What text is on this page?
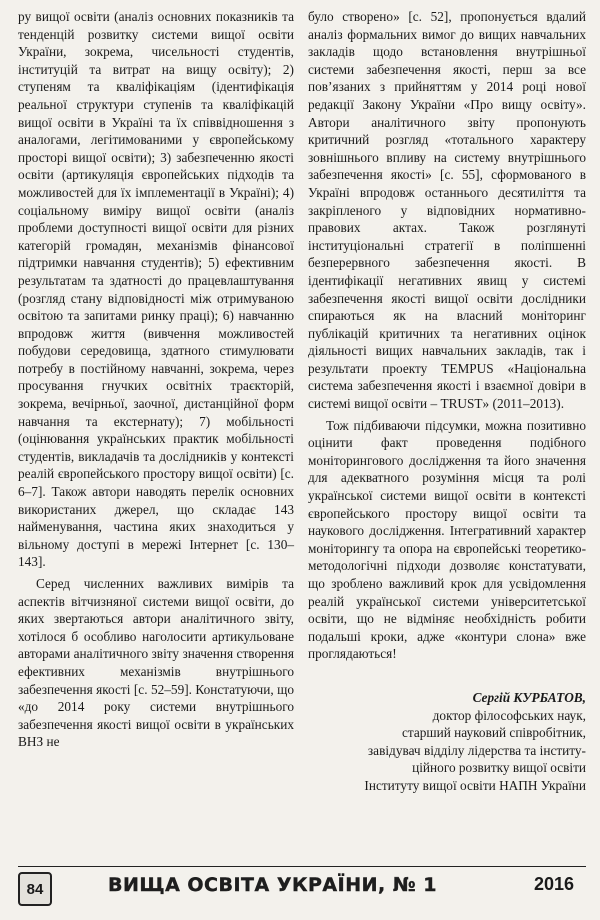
ру вищої освіти (аналіз основних показників та тенденцій розвитку системи вищої освіти України, зокрема, чисельності студентів, інституцій та витрат на вищу освіту); 2) ступеням та кваліфікаціям (ідентифікація реальної структури ступенів та кваліфікацій вищої освіти в Україні та їх співвідношення з аналогами, легітимованими у європейському просторі вищої освіти); 3) забезпеченню якості освіти (артикуляція європейських підходів та можливостей для їх імплементації в Україні); 4) соціальному виміру вищої освіти (аналіз проблеми доступності вищої освіти для різних категорій громадян, механізмів фінансової підтримки навчання студентів); 5) ефективним результатам та здатності до працевлаштування (розгляд стану відповідності між отримуваною освітою та запитами ринку праці); 6) навчанню впродовж життя (вивчення можливостей побудови середовища, здатного стимулювати потребу в постійному навчанні, зокрема, через просування гнучких освітніх траєкторій, зокрема, вечірньої, заочної, дистанційної форм навчання та екстернату); 7) мобільності (оцінювання українських практик мобільності студентів, викладачів та дослідників у контексті реалій європейського простору вищої освіти) [с. 6–7]. Також автори наводять перелік основних використаних джерел, що складає 143 найменування, частина яких знаходиться у вільному доступі в мережі Інтернет [с. 130–143].

Серед численних важливих вимірів та аспектів вітчизняної системи вищої освіти, до яких звертаються автори аналітичного звіту, хотілося б особливо наголосити артикульоване авторами аналітичного звіту значення створення ефективних механізмів внутрішнього забезпечення якості [с. 52–59]. Констатуючи, що «до 2014 року системи внутрішнього забезпечення якості вищої освіти в українських ВНЗ не

було створено» [с. 52], пропонується вдалий аналіз формальних вимог до вищих навчальних закладів щодо встановлення внутрішньої системи забезпечення якості, перш за все пов’язаних з прийняттям у 2014 році нової редакції Закону України «Про вищу освіту». Автори аналітичного звіту пропонують критичний розгляд «тотального характеру зовнішнього впливу на систему внутрішнього забезпечення якості» [с. 55], сформованого в Україні впродовж останнього десятиліття та закріпленого у відповідних нормативно-правових актах. Також розглянуті інституціональні стратегії в поліпшенні безперервного забезпечення якості. В ідентифікації негативних явищ у системі забезпечення якості вищої освіти дослідники спираються як на власний моніторинг публікацій критичних та негативних оцінок діяльності вищих навчальних закладів, так і результати проекту TEMPUS «Національна система забезпечення якості і взаємної довіри в системі вищої освіти – TRUST» (2011–2013).

Тож підбиваючи підсумки, можна позитивно оцінити факт проведення подібного моніторингового дослідження та його значення для адекватного розуміння місця та ролі української системи вищої освіти в контексті європейського простору вищої освіти та наукового дослідження. Інтегративний характер моніторингу та опора на європейські теоретико-методологічні підходи дозволяє констатувати, що зроблено важливий крок для усвідомлення реалій української системи університетської освіти, що не відміняє необхідність робити подальші кроки, адже «контури слона» вже проглядаються!

Сергій КУРБАТОВ,
доктор філософських наук,
старший науковий співробітник,
завідувач відділу лідерства та інститу-
ційного розвитку вищої освіти
Інституту вищої освіти НАПН України
84	ВИЩА ОСВІТА УКРАЇНИ, № 1	2016
